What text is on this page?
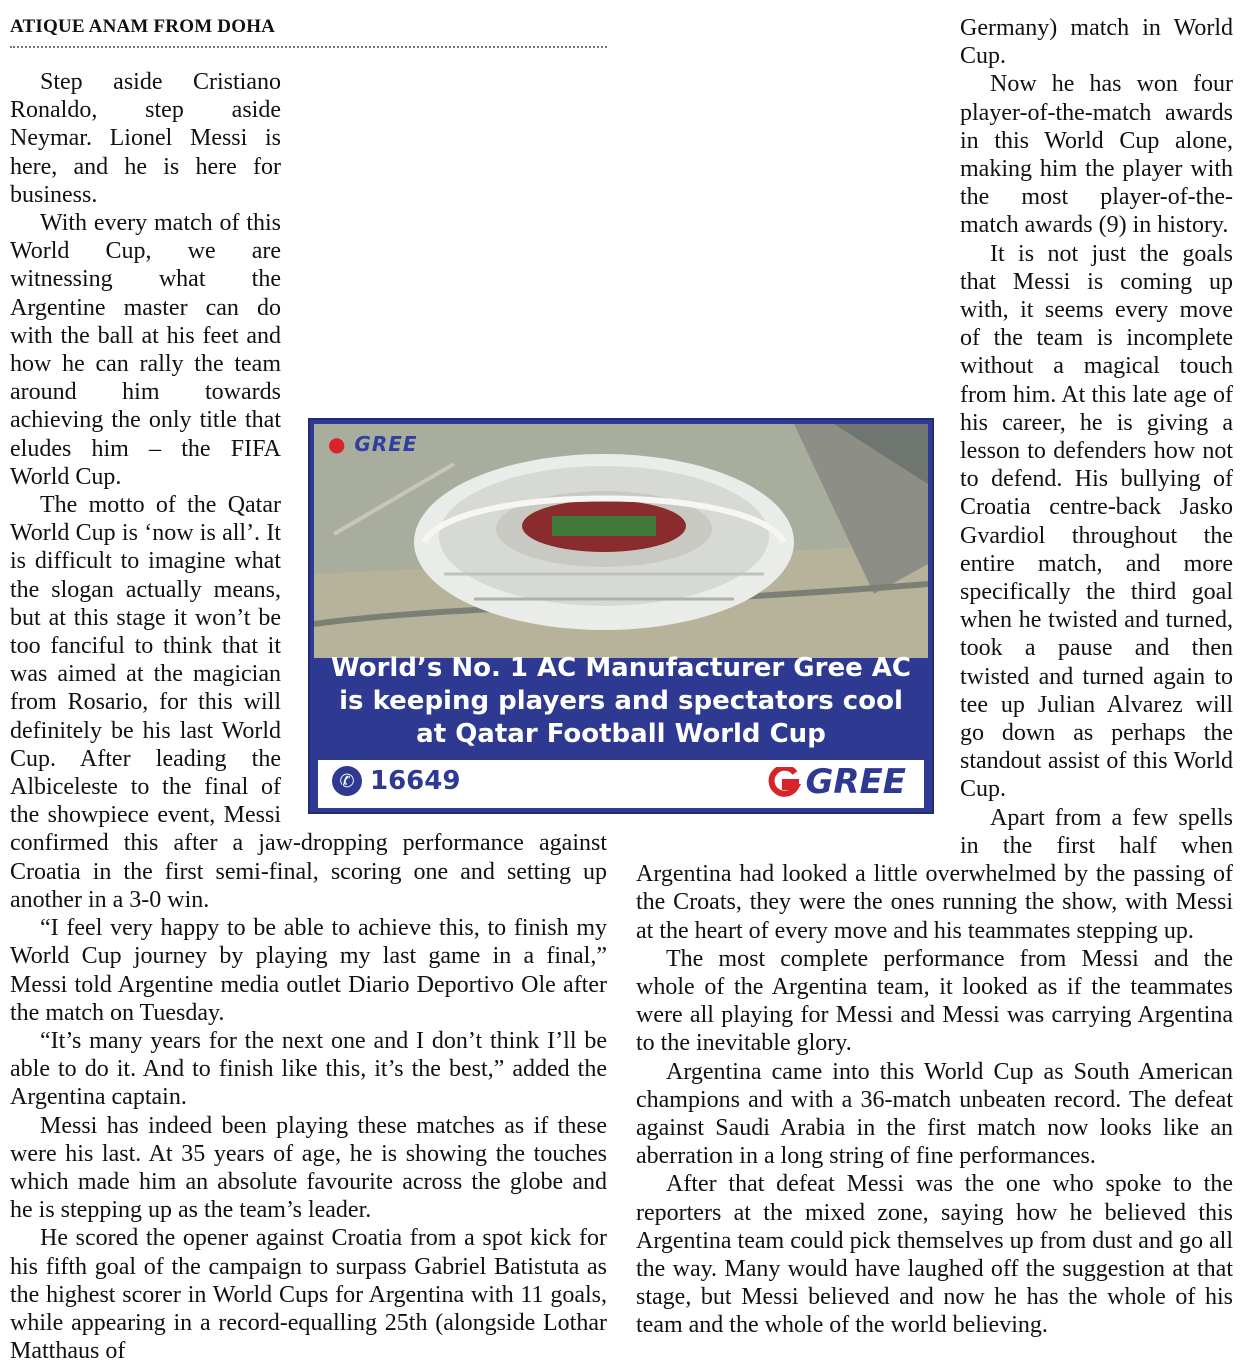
ATIQUE ANAM FROM DOHA

Step aside Cristiano Ronaldo, step aside Neymar. Lionel Messi is here, and he is here for business.

With every match of this World Cup, we are witnessing what the Argentine master can do with the ball at his feet and how he can rally the team around him towards achieving the only title that eludes him – the FIFA World Cup.

The motto of the Qatar World Cup is ‘now is all’. It is difficult to imagine what the slogan actually means, but at this stage it won’t be too fanciful to think that it was aimed at the magician from Rosario, for this will definitely be his last World Cup. After leading the Albiceleste to the final of the showpiece event, Messi confirmed this after a jaw-dropping performance against Croatia in the first semi-final, scoring one and setting up another in a 3-0 win.

“I feel very happy to be able to achieve this, to finish my World Cup journey by playing my last game in a final,” Messi told Argentine media outlet Diario Deportivo Ole after the match on Tuesday.

“It’s many years for the next one and I don’t think I’ll be able to do it. And to finish like this, it’s the best,” added the Argentina captain.

Messi has indeed been playing these matches as if these were his last. At 35 years of age, he is showing the touches which made him an absolute favourite across the globe and he is stepping up as the team’s leader.

He scored the opener against Croatia from a spot kick for his fifth goal of the campaign to surpass Gabriel Batistuta as the highest scorer in World Cups for Argentina with 11 goals, while appearing in a record-equalling 25th (alongside Lothar Matthaus of

Germany) match in World Cup.

Now he has won four player-of-the-match awards in this World Cup alone, making him the player with the most player-of-the-match awards (9) in history.

It is not just the goals that Messi is coming up with, it seems every move of the team is incomplete without a magical touch from him. At this late age of his career, he is giving a lesson to defenders how not to defend. His bullying of Croatia centre-back Jasko Gvardiol throughout the entire match, and more specifically the third goal when he twisted and turned, took a pause and then twisted and turned again to tee up Julian Alvarez will go down as perhaps the standout assist of this World Cup.

Apart from a few spells in the first half when Argentina had looked a little overwhelmed by the passing of the Croats, they were the ones running the show, with Messi at the heart of every move and his teammates stepping up.

The most complete performance from Messi and the whole of the Argentina team, it looked as if the teammates were all playing for Messi and Messi was carrying Argentina to the inevitable glory.

Argentina came into this World Cup as South American champions and with a 36-match unbeaten record. The defeat against Saudi Arabia in the first match now looks like an aberration in a long string of fine performances.

After that defeat Messi was the one who spoke to the reporters at the mixed zone, saying how he believed this Argentina team could pick themselves up from dust and go all the way. Many would have laughed off the suggestion at that stage, but Messi believed and now he has the whole of his team and the whole of the world believing.

● GREE
World’s No. 1 AC Manufacturer Gree AC
is keeping players and spectators cool
at Qatar Football World Cup
✆ 16649	GREE
